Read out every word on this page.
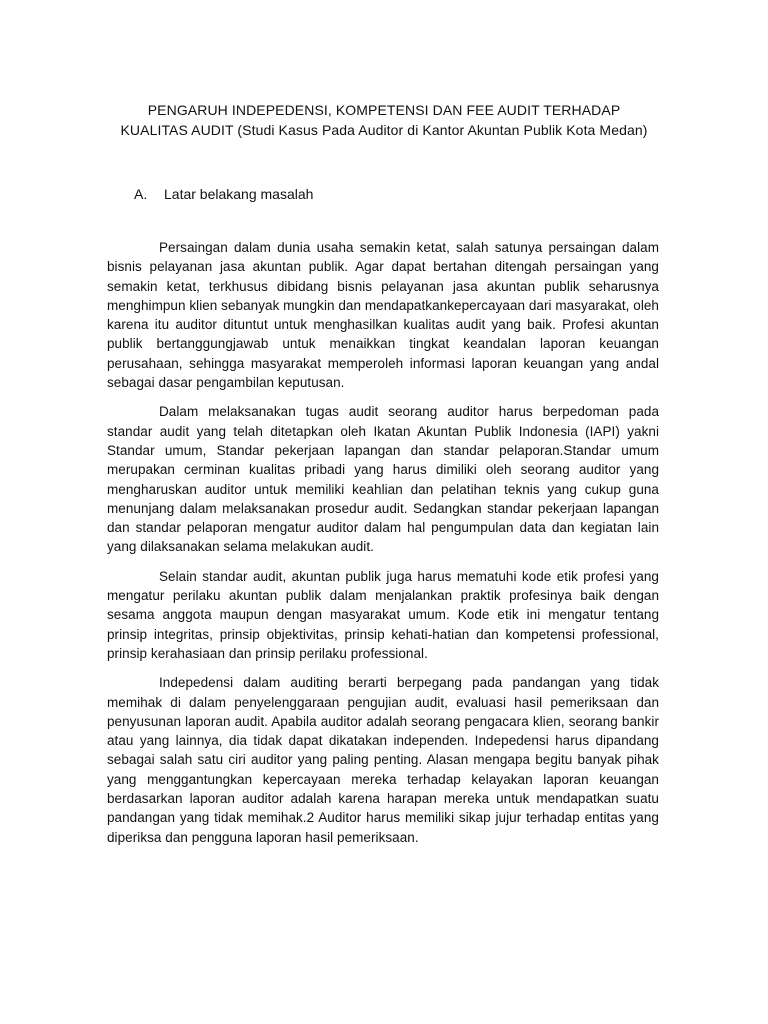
PENGARUH INDEPEDENSI, KOMPETENSI DAN FEE AUDIT TERHADAP
KUALITAS AUDIT (Studi Kasus Pada Auditor di Kantor Akuntan Publik Kota Medan)
A. Latar belakang masalah

Persaingan dalam dunia usaha semakin ketat, salah satunya persaingan dalam bisnis pelayanan jasa akuntan publik. Agar dapat bertahan ditengah persaingan yang semakin ketat, terkhusus dibidang bisnis pelayanan jasa akuntan publik seharusnya menghimpun klien sebanyak mungkin dan mendapatkankepercayaan dari masyarakat, oleh karena itu auditor dituntut untuk menghasilkan kualitas audit yang baik. Profesi akuntan publik bertanggungjawab untuk menaikkan tingkat keandalan laporan keuangan perusahaan, sehingga masyarakat memperoleh informasi laporan keuangan yang andal sebagai dasar pengambilan keputusan.

Dalam melaksanakan tugas audit seorang auditor harus berpedoman pada standar audit yang telah ditetapkan oleh Ikatan Akuntan Publik Indonesia (IAPI) yakni Standar umum, Standar pekerjaan lapangan dan standar pelaporan.Standar umum merupakan cerminan kualitas pribadi yang harus dimiliki oleh seorang auditor yang mengharuskan auditor untuk memiliki keahlian dan pelatihan teknis yang cukup guna menunjang dalam melaksanakan prosedur audit. Sedangkan standar pekerjaan lapangan dan standar pelaporan mengatur auditor dalam hal pengumpulan data dan kegiatan lain yang dilaksanakan selama melakukan audit.

Selain standar audit, akuntan publik juga harus mematuhi kode etik profesi yang mengatur perilaku akuntan publik dalam menjalankan praktik profesinya baik dengan sesama anggota maupun dengan masyarakat umum. Kode etik ini mengatur tentang prinsip integritas, prinsip objektivitas, prinsip kehati-hatian dan kompetensi professional, prinsip kerahasiaan dan prinsip perilaku professional.

Indepedensi dalam auditing berarti berpegang pada pandangan yang tidak memihak di dalam penyelenggaraan pengujian audit, evaluasi hasil pemeriksaan dan penyusunan laporan audit. Apabila auditor adalah seorang pengacara klien, seorang bankir atau yang lainnya, dia tidak dapat dikatakan independen. Indepedensi harus dipandang sebagai salah satu ciri auditor yang paling penting. Alasan mengapa begitu banyak pihak yang menggantungkan kepercayaan mereka terhadap kelayakan laporan keuangan berdasarkan laporan auditor adalah karena harapan mereka untuk mendapatkan suatu pandangan yang tidak memihak.2 Auditor harus memiliki sikap jujur terhadap entitas yang diperiksa dan pengguna laporan hasil pemeriksaan.
